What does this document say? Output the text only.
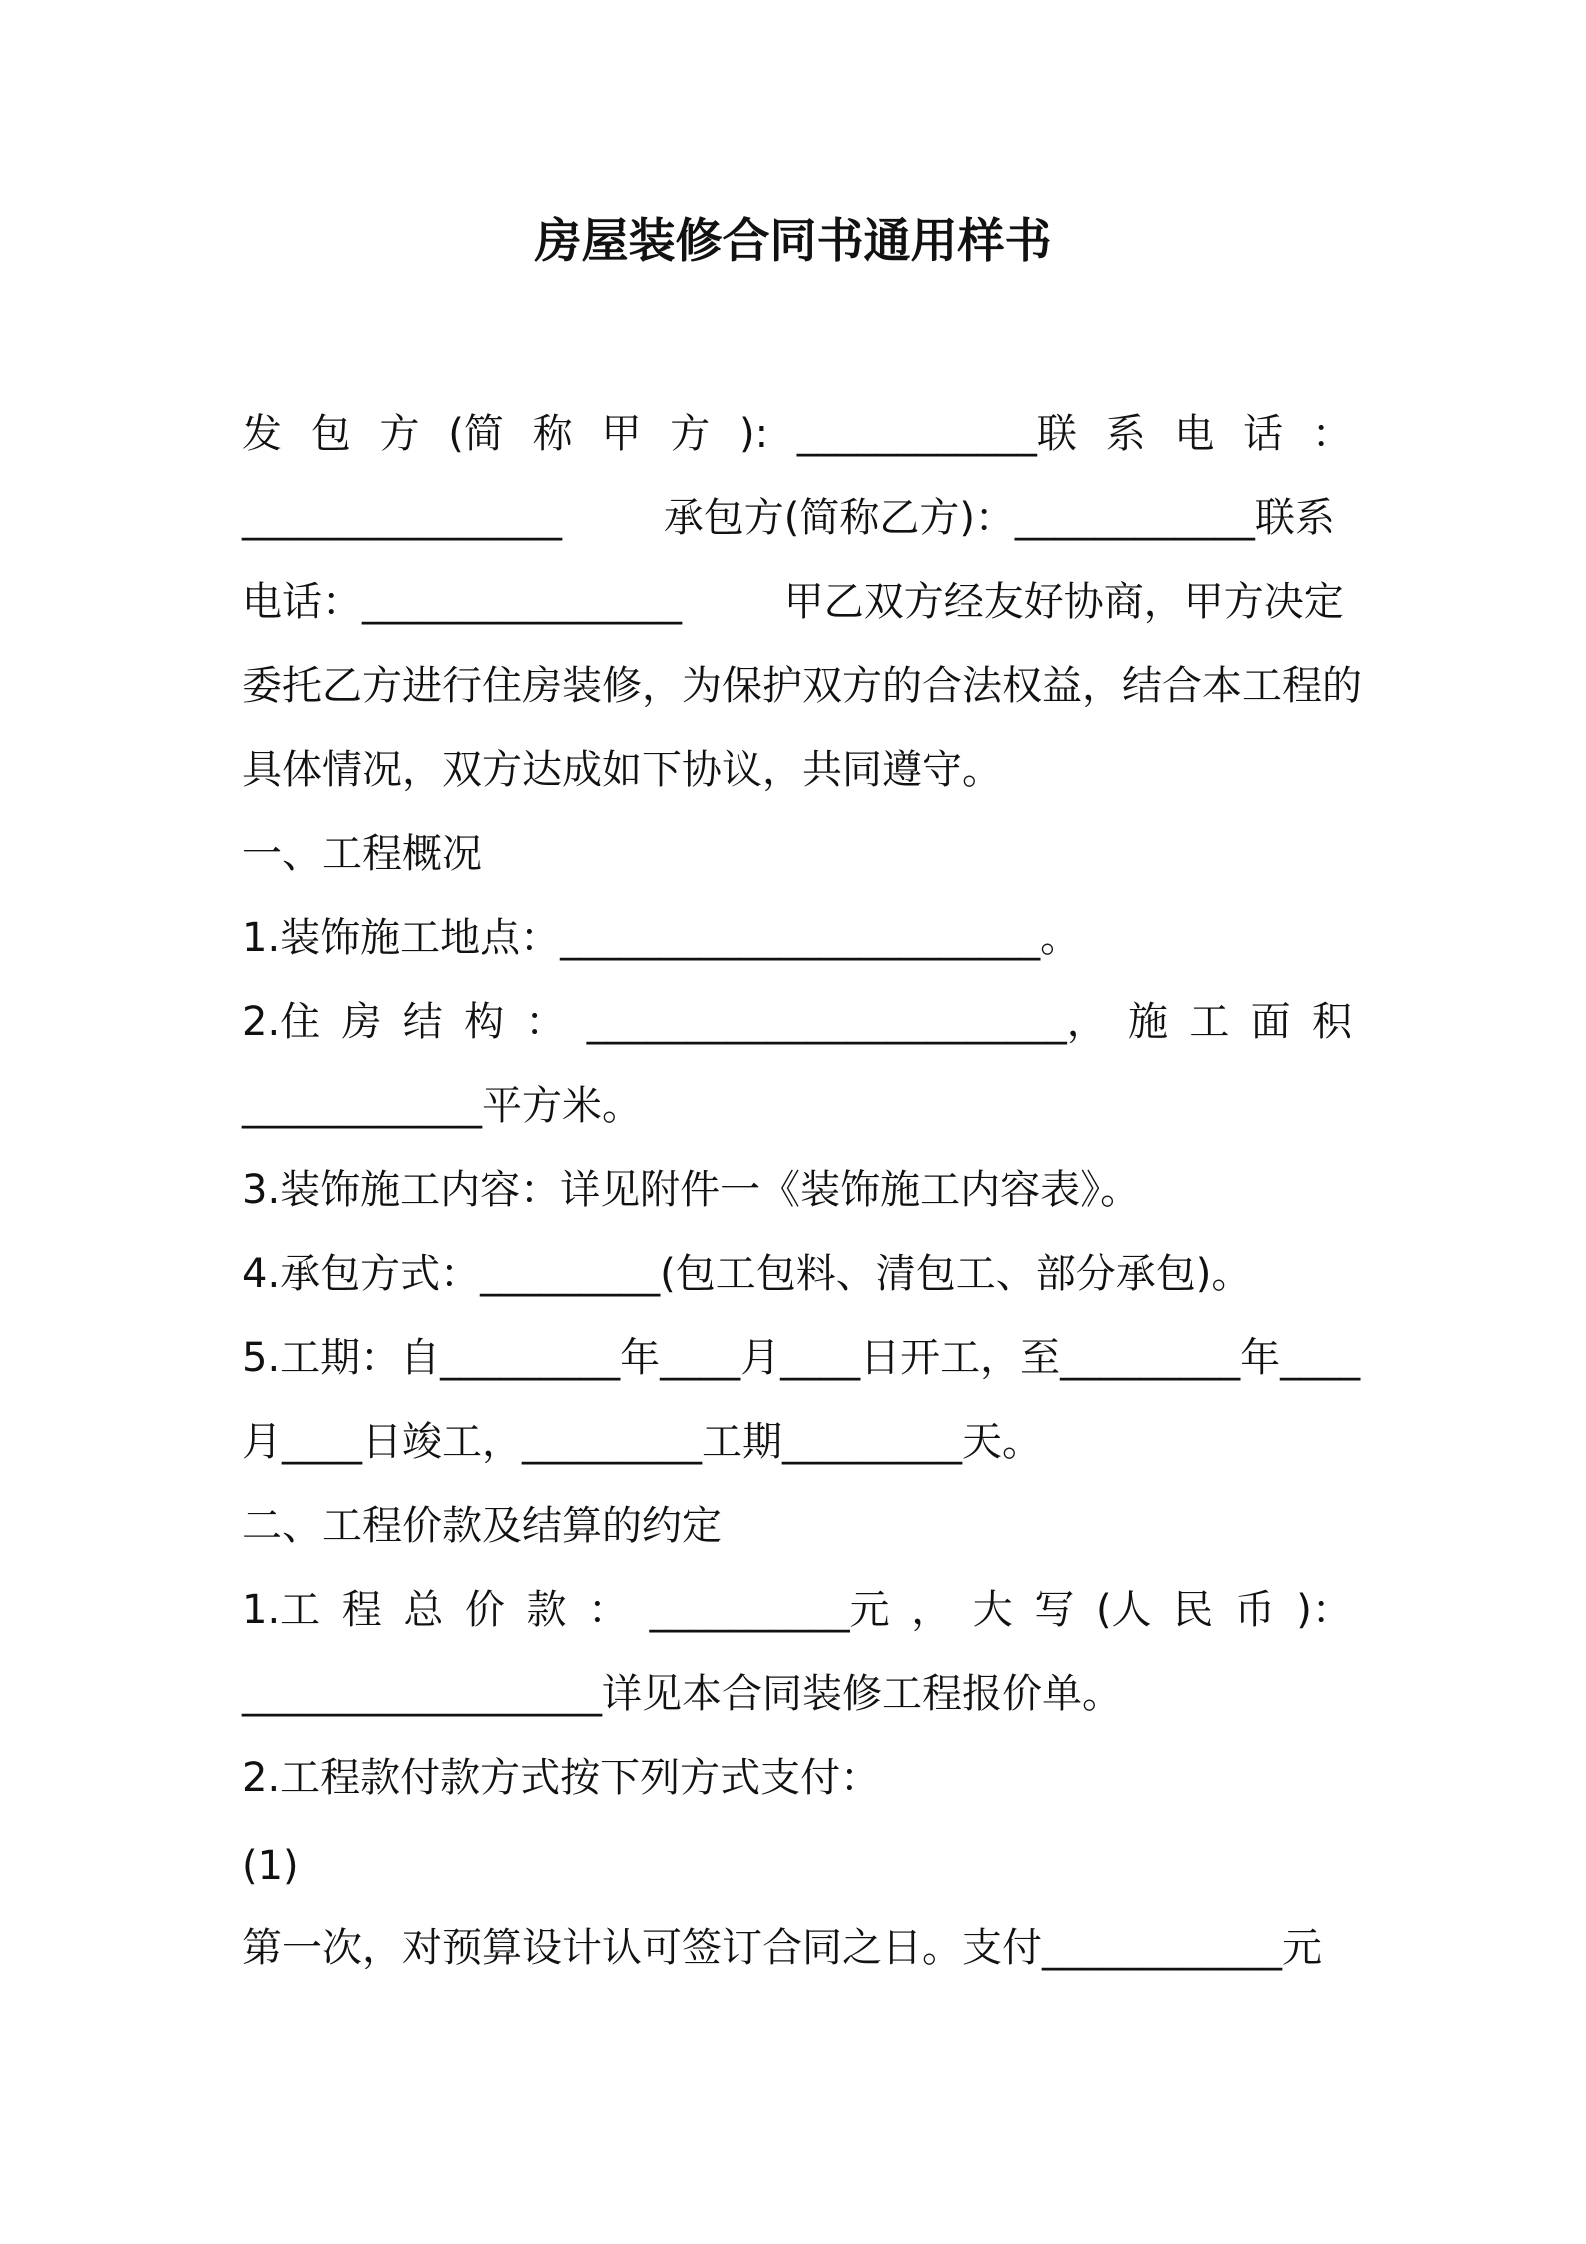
房屋装修合同书通用样书
发 包 方 (简 称 甲 方 ): ____________联 系 电 话 ：
________________        承包方(简称乙方)：____________联系
电话：________________        甲乙双方经友好协商，甲方决定
委托乙方进行住房装修，为保护双方的合法权益，结合本工程的
具体情况，双方达成如下协议，共同遵守。
一、工程概况
1.装饰施工地点：________________________。
2.住 房 结 构 ： ________________________， 施 工 面 积
____________平方米。
3.装饰施工内容：详见附件一《装饰施工内容表》。
4.承包方式：_________(包工包料、清包工、部分承包)。
5.工期：自_________年____月____日开工，至_________年____
月____日竣工，_________工期_________天。
二、工程价款及结算的约定
1.工 程 总 价 款 ： __________元 ， 大 写 (人 民 币 )：
__________________详见本合同装修工程报价单。
2.工程款付款方式按下列方式支付：
(1)
第一次，对预算设计认可签订合同之日。支付____________元
